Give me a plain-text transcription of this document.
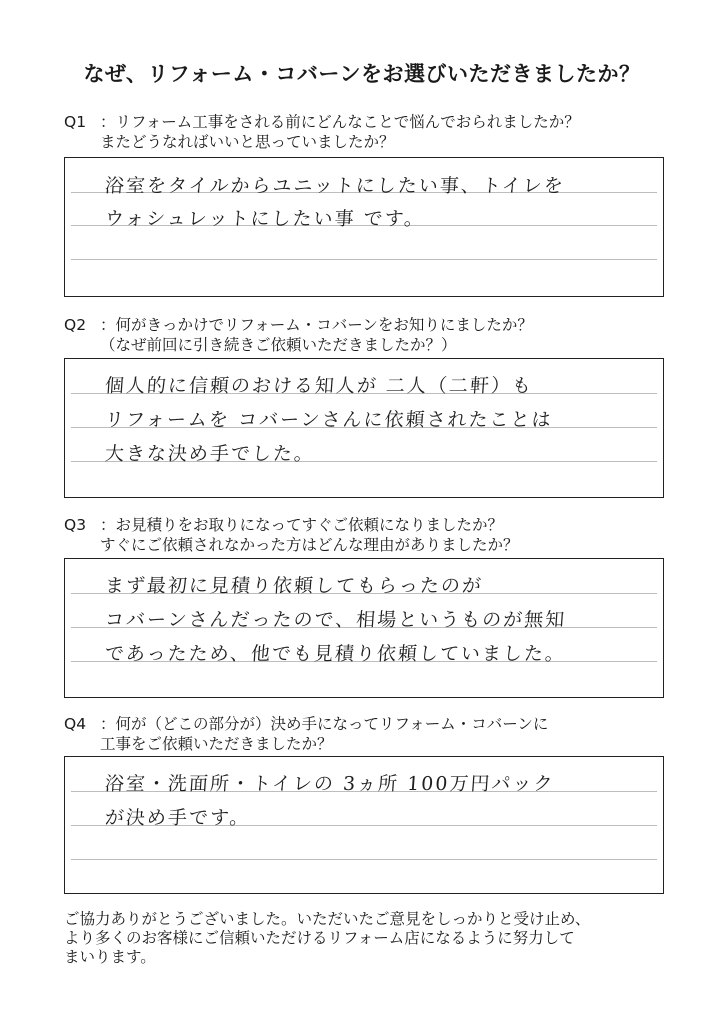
なぜ、リフォーム・コバーンをお選びいただきましたか？
Q1 ：リフォーム工事をされる前にどんなことで悩んでおられましたか？
またどうなればいいと思っていましたか？
浴室をタイルからユニットにしたい事、トイレを
ウォシュレットにしたい事 です。
Q2 ：何がきっかけでリフォーム・コバーンをお知りにましたか？
（なぜ前回に引き続きご依頼いただきましたか？）
個人的に信頼のおける知人が 二人（二軒）も
リフォームを コバーンさんに依頼されたことは
大きな決め手でした。
Q3 ：お見積りをお取りになってすぐご依頼になりましたか？
すぐにご依頼されなかった方はどんな理由がありましたか？
まず最初に見積り依頼してもらったのが
コバーンさんだったので、相場というものが無知
であったため、他でも見積り依頼していました。
Q4 ：何が（どこの部分が）決め手になってリフォーム・コバーンに
工事をご依頼いただきましたか？
浴室・洗面所・トイレの 3ヵ所 100万円パック
が決め手です。
ご協力ありがとうございました。いただいたご意見をしっかりと受け止め、
より多くのお客様にご信頼いただけるリフォーム店になるように努力して
まいります。
